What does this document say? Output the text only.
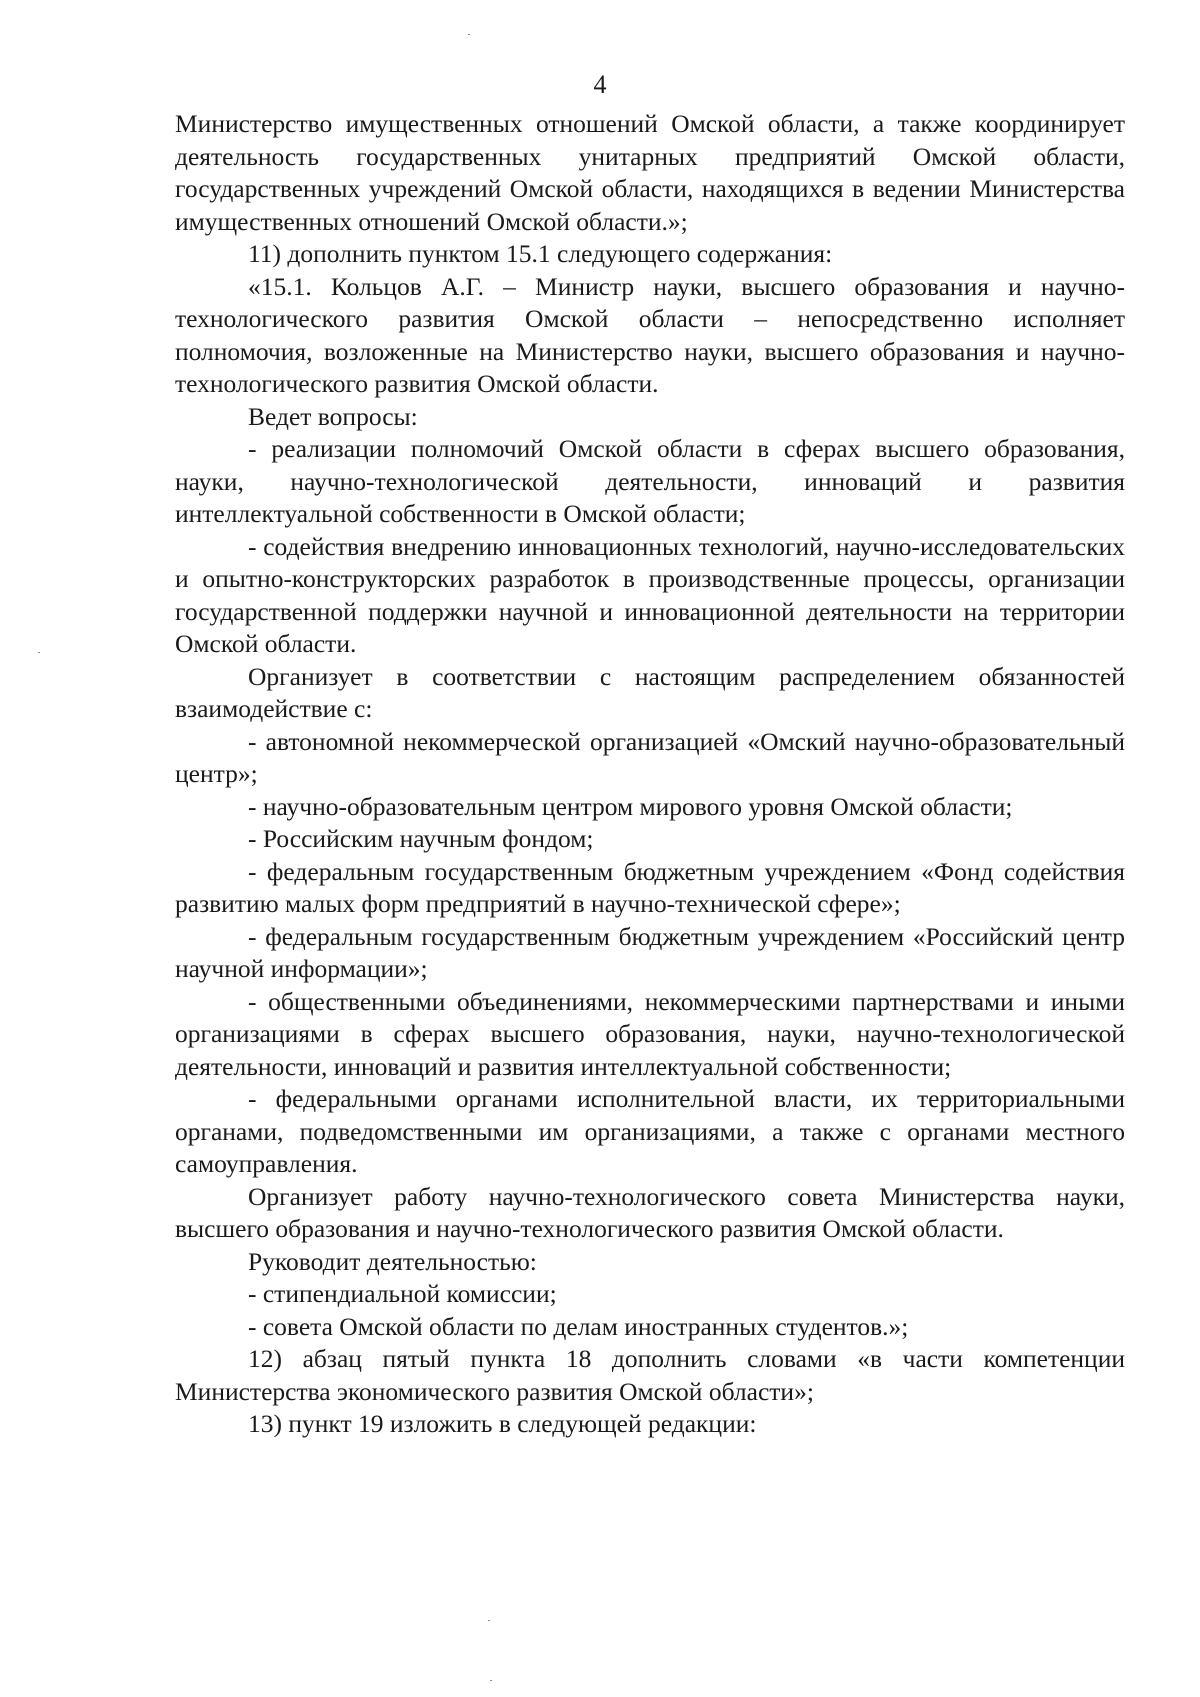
4

Министерство имущественных отношений Омской области, а также координирует деятельность государственных унитарных предприятий Омской области, государственных учреждений Омской области, находящихся в ведении Министерства имущественных отношений Омской области.»;

11) дополнить пунктом 15.1 следующего содержания:

«15.1. Кольцов А.Г. – Министр науки, высшего образования и научно-технологического развития Омской области – непосредственно исполняет полномочия, возложенные на Министерство науки, высшего образования и научно-технологического развития Омской области.

Ведет вопросы:

- реализации полномочий Омской области в сферах высшего образования, науки, научно-технологической деятельности, инноваций и развития интеллектуальной собственности в Омской области;

- содействия внедрению инновационных технологий, научно-исследовательских и опытно-конструкторских разработок в производственные процессы, организации государственной поддержки научной и инновационной деятельности на территории Омской области.

Организует в соответствии с настоящим распределением обязанностей взаимодействие с:

- автономной некоммерческой организацией «Омский научно-образовательный центр»;

- научно-образовательным центром мирового уровня Омской области;

- Российским научным фондом;

- федеральным государственным бюджетным учреждением «Фонд содействия развитию малых форм предприятий в научно-технической сфере»;

- федеральным государственным бюджетным учреждением «Российский центр научной информации»;

- общественными объединениями, некоммерческими партнерствами и иными организациями в сферах высшего образования, науки, научно-технологической деятельности, инноваций и развития интеллектуальной собственности;

- федеральными органами исполнительной власти, их территориальными органами, подведомственными им организациями, а также с органами местного самоуправления.

Организует работу научно-технологического совета Министерства науки, высшего образования и научно-технологического развития Омской области.

Руководит деятельностью:

- стипендиальной комиссии;

- совета Омской области по делам иностранных студентов.»;

12) абзац пятый пункта 18 дополнить словами «в части компетенции Министерства экономического развития Омской области»;

13) пункт 19 изложить в следующей редакции:
